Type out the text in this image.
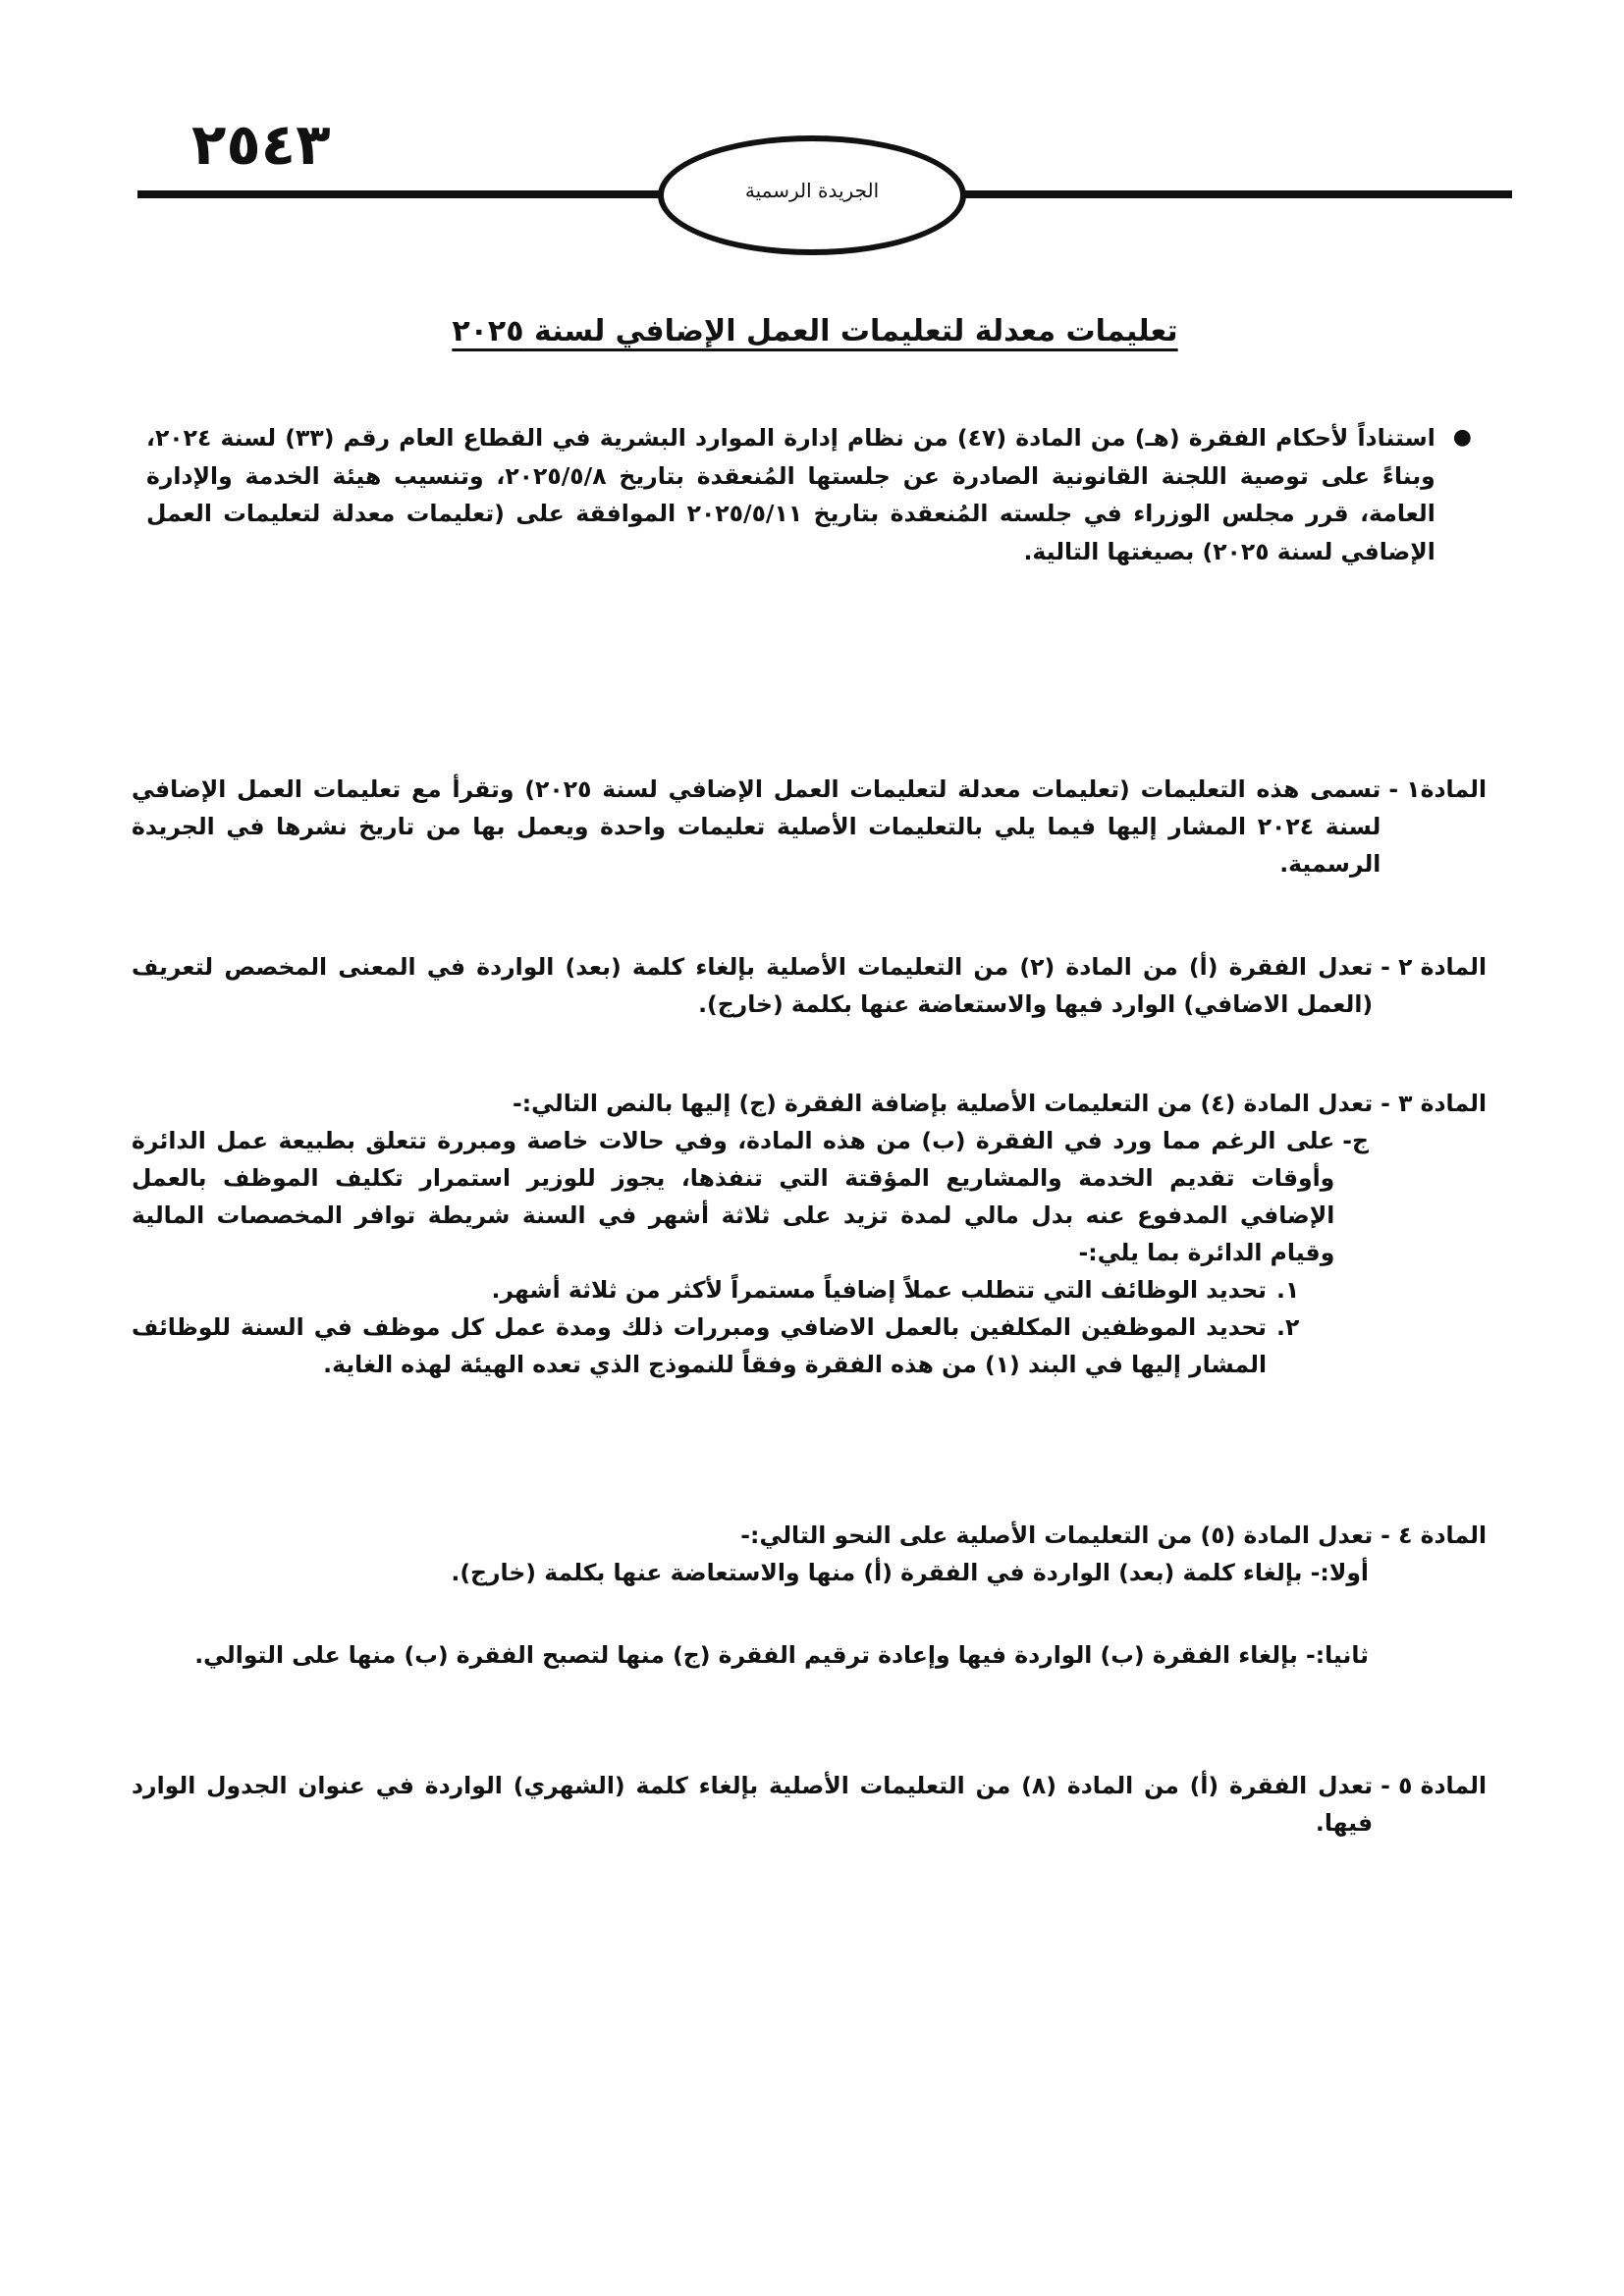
٢٥٤٣
الجريدة الرسمية
تعليمات معدلة لتعليمات العمل الإضافي لسنة ٢٠٢٥
●
استناداً لأحكام الفقرة (هـ) من المادة (٤٧) من نظام إدارة الموارد البشرية في القطاع العام رقم (٣٣) لسنة ٢٠٢٤، وبناءً على توصية اللجنة القانونية الصادرة عن جلستها المُنعقدة بتاريخ ٢٠٢٥/٥/٨، وتنسيب هيئة الخدمة والإدارة العامة، قرر مجلس الوزراء في جلسته المُنعقدة بتاريخ ٢٠٢٥/٥/١١ الموافقة على (تعليمات معدلة لتعليمات العمل الإضافي لسنة ٢٠٢٥) بصيغتها التالية.
المادة١ -
تسمى هذه التعليمات (تعليمات معدلة لتعليمات العمل الإضافي لسنة ٢٠٢٥) وتقرأ مع تعليمات العمل الإضافي لسنة ٢٠٢٤ المشار إليها فيما يلي بالتعليمات الأصلية تعليمات واحدة ويعمل بها من تاريخ نشرها في الجريدة الرسمية.
المادة ٢ -
تعدل الفقرة (أ) من المادة (٢) من التعليمات الأصلية بإلغاء كلمة (بعد) الواردة في المعنى المخصص لتعريف (العمل الاضافي) الوارد فيها والاستعاضة عنها بكلمة (خارج).
المادة ٣ -
تعدل المادة (٤) من التعليمات الأصلية بإضافة الفقرة (ج) إليها بالنص التالي:-
ج-
على الرغم مما ورد في الفقرة (ب) من هذه المادة، وفي حالات خاصة ومبررة تتعلق بطبيعة عمل الدائرة وأوقات تقديم الخدمة والمشاريع المؤقتة التي تنفذها، يجوز للوزير استمرار تكليف الموظف بالعمل الإضافي المدفوع عنه بدل مالي لمدة تزيد على ثلاثة أشهر في السنة شريطة توافر المخصصات المالية وقيام الدائرة بما يلي:-
١.
تحديد الوظائف التي تتطلب عملاً إضافياً مستمراً لأكثر من ثلاثة أشهر.
٢.
تحديد الموظفين المكلفين بالعمل الاضافي ومبررات ذلك ومدة عمل كل موظف في السنة للوظائف المشار إليها في البند (١) من هذه الفقرة وفقاً للنموذج الذي تعده الهيئة لهذه الغاية.
المادة ٤ -
تعدل المادة (٥) من التعليمات الأصلية على النحو التالي:-
أولا:- بإلغاء كلمة (بعد) الواردة في الفقرة (أ) منها والاستعاضة عنها بكلمة (خارج).
ثانيا:- بإلغاء الفقرة (ب) الواردة فيها وإعادة ترقيم الفقرة (ج) منها لتصبح الفقرة (ب) منها على التوالي.
المادة ٥ -
تعدل الفقرة (أ) من المادة (٨) من التعليمات الأصلية بإلغاء كلمة (الشهري) الواردة في عنوان الجدول الوارد فيها.
